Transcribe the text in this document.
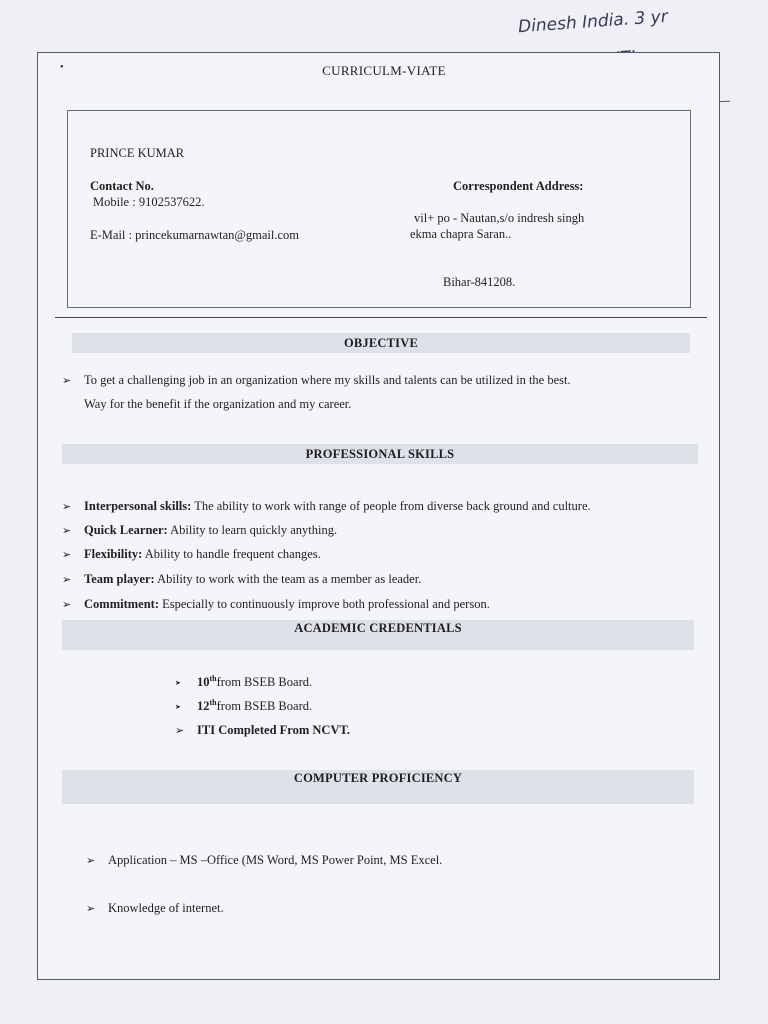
Dinesh India. 3 yr
•	CURRICULM-VIATE
PRINCE KUMAR
Contact No.
Mobile : 9102537622.
E-Mail : princekumarnawtan@gmail.com
Correspondent Address:
vil+ po - Nautan,s/o indresh singh
ekma chapra Saran..
Bihar-841208.
OBJECTIVE
➢ To get a challenging job in an organization where my skills and talents can be utilized in the best.
Way for the benefit if the organization and my career.
PROFESSIONAL SKILLS
➢ Interpersonal skills: The ability to work with range of people from diverse back ground and culture.
➢ Quick Learner: Ability to learn quickly anything.
➢ Flexibility: Ability to handle frequent changes.
➢ Team player: Ability to work with the team as a member as leader.
➢ Commitment: Especially to continuously improve both professional and person.
ACADEMIC CREDENTIALS
➤ 10thfrom BSEB Board.
➤ 12thfrom BSEB Board.
➢ ITI Completed From NCVT.
COMPUTER PROFICIENCY
➢ Application – MS –Office (MS Word, MS Power Point, MS Excel.
➢ Knowledge of internet.
